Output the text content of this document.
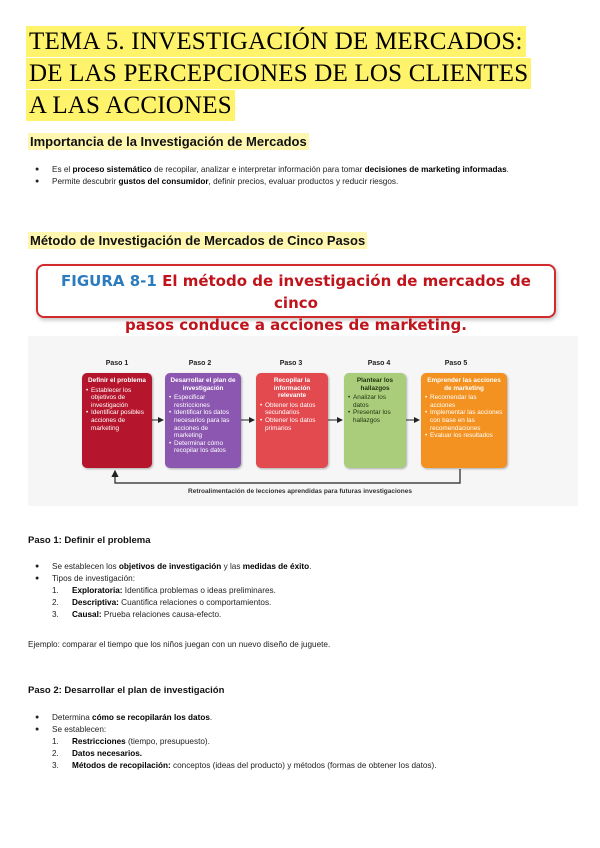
TEMA 5. INVESTIGACIÓN DE MERCADOS:
DE LAS PERCEPCIONES DE LOS CLIENTES
A LAS ACCIONES
Importancia de la Investigación de Mercados

● Es el proceso sistemático de recopilar, analizar e interpretar información para tomar decisiones de marketing informadas.

● Permite descubrir gustos del consumidor, definir precios, evaluar productos y reducir riesgos.

Método de Investigación de Mercados de Cinco Pasos
FIGURA 8-1 El método de investigación de mercados de cinco
pasos conduce a acciones de marketing.
Paso 1	Paso 2	Paso 3	Paso 4	Paso 5
Definir el problema
• Establecer los objetivos de investigación
• Identificar posibles acciones de marketing
Desarrollar el plan de investigación
• Especificar restricciones
• Identificar los datos necesarios para las acciones de marketing
• Determinar cómo recopilar los datos
Recopilar la información relevante
• Obtener los datos secundarios
• Obtener los datos primarios
Plantear los hallazgos
• Analizar los datos
• Presentar los hallazgos
Emprender las acciones de marketing
• Recomendar las acciones
• Implementar las acciones con base en las recomendaciones
• Evaluar los resultados
Retroalimentación de lecciones aprendidas para futuras investigaciones
Paso 1: Definir el problema

● Se establecen los objetivos de investigación y las medidas de éxito.

● Tipos de investigación:

1. Exploratoria: Identifica problemas o ideas preliminares.

2. Descriptiva: Cuantifica relaciones o comportamientos.

3. Causal: Prueba relaciones causa-efecto.

Ejemplo: comparar el tiempo que los niños juegan con un nuevo diseño de juguete.
Paso 2: Desarrollar el plan de investigación

● Determina cómo se recopilarán los datos.

● Se establecen:

1. Restricciones (tiempo, presupuesto).

2. Datos necesarios.

3. Métodos de recopilación: conceptos (ideas del producto) y métodos (formas de obtener los datos).
